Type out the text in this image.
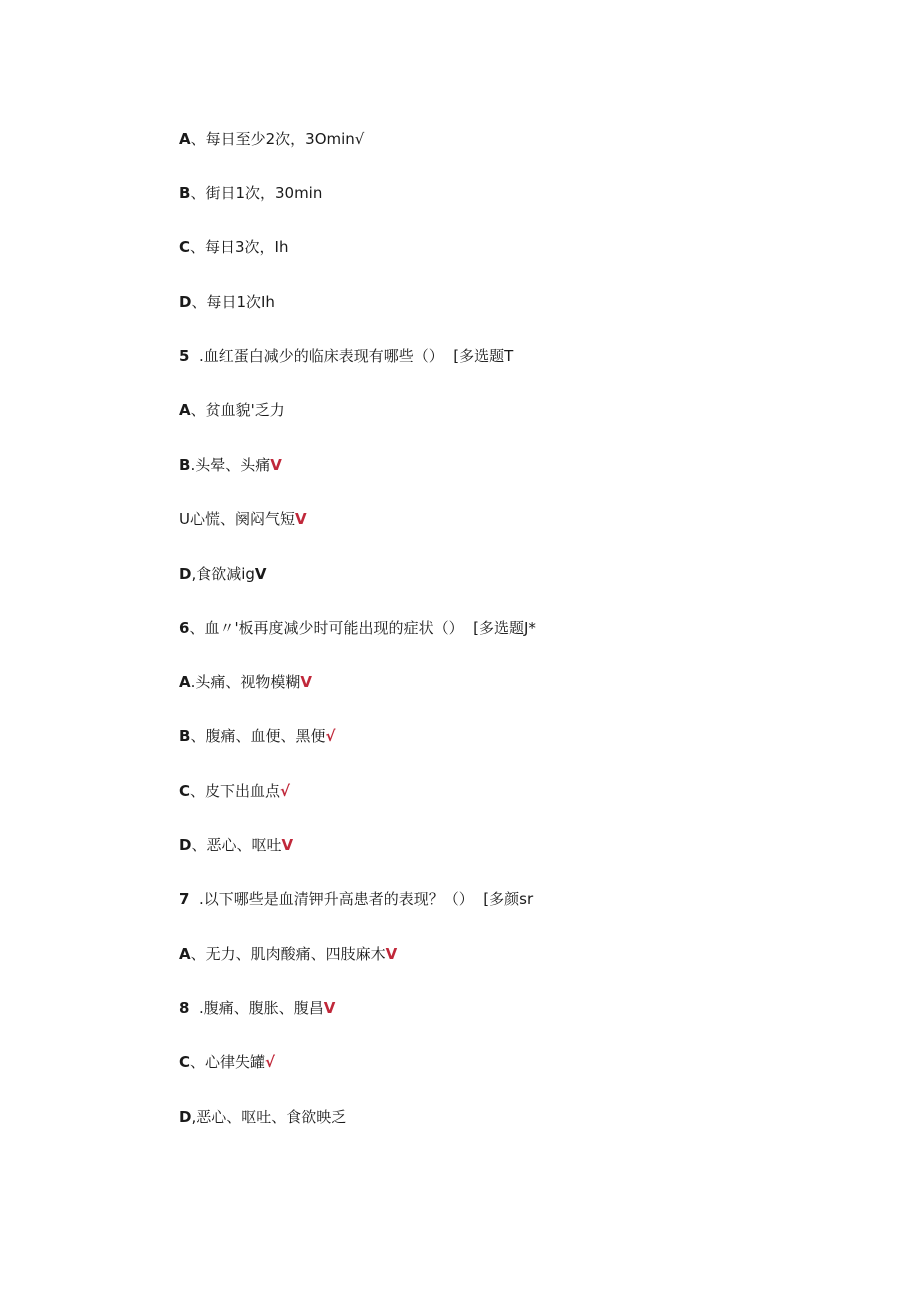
A、每日至少2次，3Omin√
B、街日1次，30min
C、每日3次，Ih
D、每日1次Ih
5  .血红蛋白减少的临床表现有哪些（）  [多选题T
A、贫血貌'乏力
B.头晕、头痛V
U心慌、阕闷气短V
D,食欲减igV
6、血〃'板再度减少时可能出现的症状（）  [多选题J*
A.头痛、视物模糊V
B、腹痛、血便、黑便√
C、皮下出血点√
D、恶心、呕吐V
7  .以下哪些是血清钾升高患者的表现？（）  [多颜sr
A、无力、肌肉酸痛、四肢麻木V
8  .腹痛、腹胀、腹昌V
C、心律失罐√
D,恶心、呕吐、食欲映乏
